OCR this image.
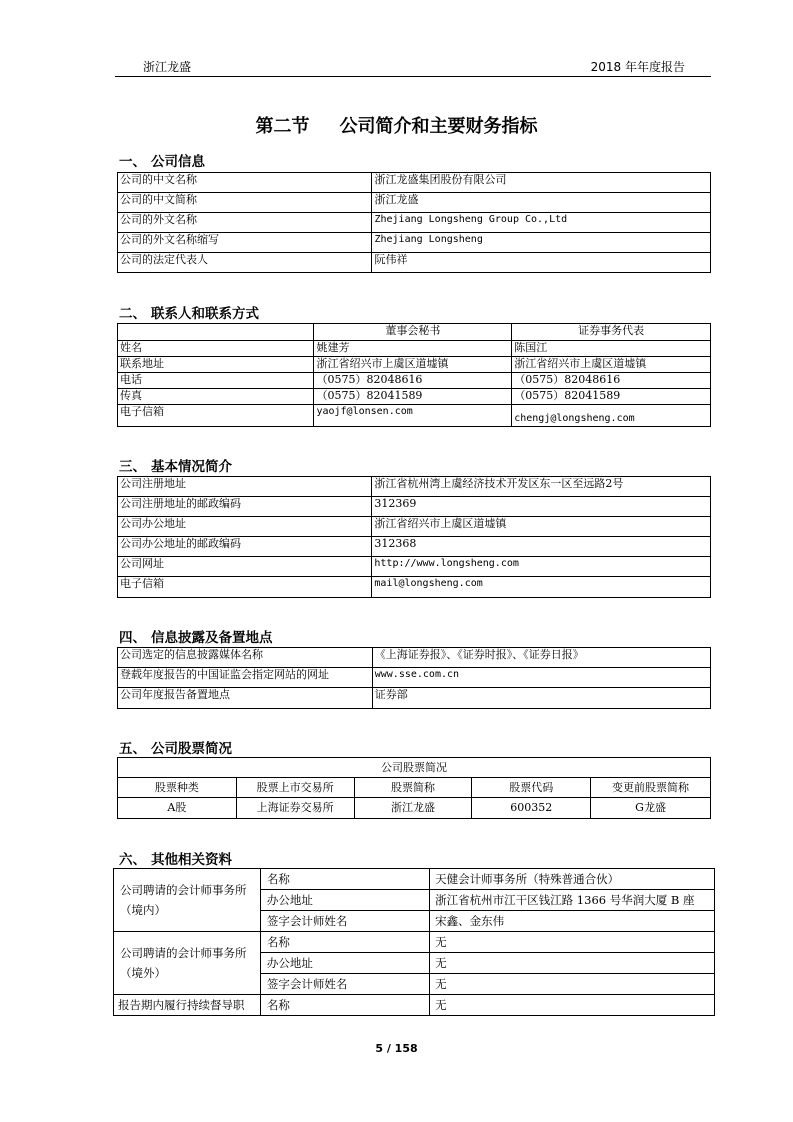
浙江龙盛	2018 年年度报告
第二节 公司简介和主要财务指标
一、 公司信息
公司的中文名称	浙江龙盛集团股份有限公司
公司的中文简称	浙江龙盛
公司的外文名称	Zhejiang Longsheng Group Co.,Ltd
公司的外文名称缩写	Zhejiang Longsheng
公司的法定代表人	阮伟祥
二、 联系人和联系方式
	董事会秘书	证券事务代表
姓名	姚建芳	陈国江
联系地址	浙江省绍兴市上虞区道墟镇	浙江省绍兴市上虞区道墟镇
电话	（0575）82048616	（0575）82048616
传真	（0575）82041589	（0575）82041589
电子信箱	yaojf@lonsen.com	chengj@longsheng.com
三、 基本情况简介
公司注册地址	浙江省杭州湾上虞经济技术开发区东一区至远路2号
公司注册地址的邮政编码	312369
公司办公地址	浙江省绍兴市上虞区道墟镇
公司办公地址的邮政编码	312368
公司网址	http://www.longsheng.com
电子信箱	mail@longsheng.com
四、 信息披露及备置地点
公司选定的信息披露媒体名称	《上海证券报》、《证券时报》、《证券日报》
登载年度报告的中国证监会指定网站的网址	www.sse.com.cn
公司年度报告备置地点	证券部
五、 公司股票简况
公司股票简况				
股票种类	股票上市交易所	股票简称	股票代码	变更前股票简称
A股	上海证券交易所	浙江龙盛	600352	G龙盛
六、 其他相关资料
公司聘请的会计师事务所
（境内）	名称	天健会计师事务所（特殊普通合伙）
	办公地址	浙江省杭州市江干区钱江路 1366 号华润大厦 B 座
	签字会计师姓名	宋鑫、金东伟

公司聘请的会计师事务所
（境外）	名称	无
	办公地址	无
	签字会计师姓名	无
报告期内履行持续督导职	名称	无
5 / 158
